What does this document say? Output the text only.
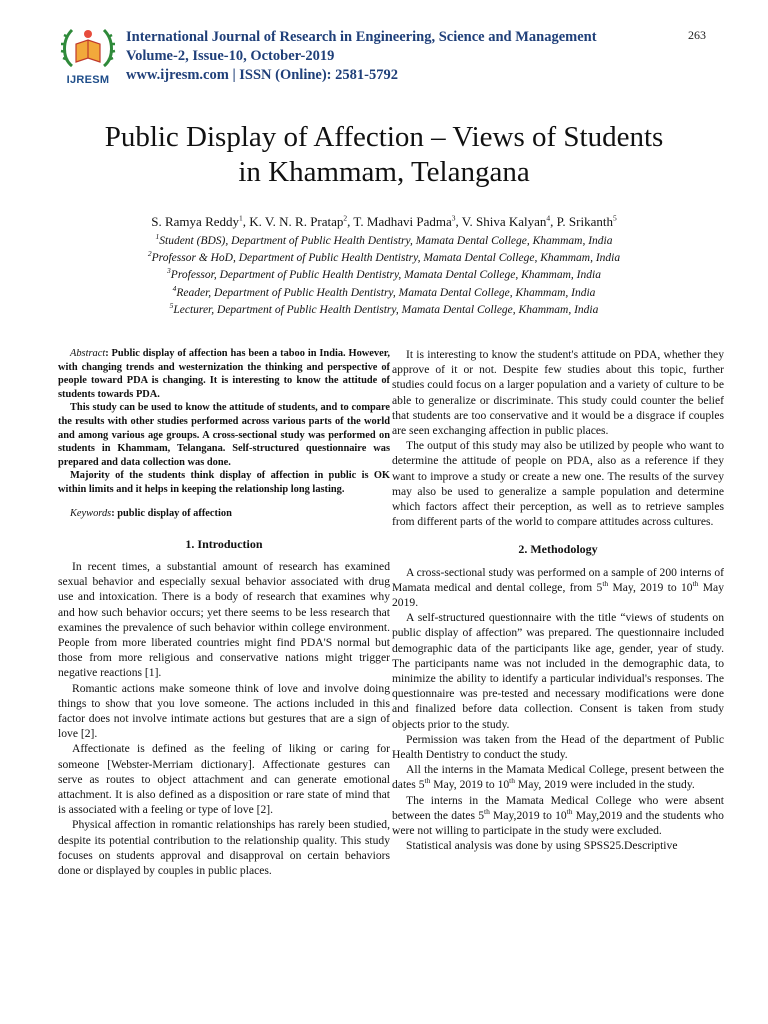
IJRESM
International Journal of Research in Engineering, Science and Management
Volume-2, Issue-10, October-2019
www.ijresm.com | ISSN (Online): 2581-5792
263
Public Display of Affection – Views of Students
in Khammam, Telangana
S. Ramya Reddy$^1$, K. V. N. R. Pratap$^2$, T. Madhavi Padma$^3$, V. Shiva Kalyan$^4$, P. Srikanth$^5$
$^1$Student (BDS), Department of Public Health Dentistry, Mamata Dental College, Khammam, India
$^2$Professor & HoD, Department of Public Health Dentistry, Mamata Dental College, Khammam, India
$^3$Professor, Department of Public Health Dentistry, Mamata Dental College, Khammam, India
$^4$Reader, Department of Public Health Dentistry, Mamata Dental College, Khammam, India
$^5$Lecturer, Department of Public Health Dentistry, Mamata Dental College, Khammam, India

Abstract: Public display of affection has been a taboo in India. However, with changing trends and westernization the thinking and perspective of people toward PDA is changing. It is interesting to know the attitude of students towards PDA.

This study can be used to know the attitude of students, and to compare the results with other studies performed across various parts of the world and among various age groups. A cross-sectional study was performed on students in Khammam, Telangana. Self-structured questionnaire was prepared and data collection was done.

Majority of the students think display of affection in public is OK within limits and it helps in keeping the relationship long lasting.

Keywords: public display of affection
1. Introduction

In recent times, a substantial amount of research has examined sexual behavior and especially sexual behavior associated with drug use and intoxication. There is a body of research that examines why and how such behavior occurs; yet there seems to be less research that examines the prevalence of such behavior within college environment. People from more liberated countries might find PDA'S normal but those from more religious and conservative nations might trigger negative reactions [1].

Romantic actions make someone think of love and involve doing things to show that you love someone. The actions included in this factor does not involve intimate actions but gestures that are a sign of love [2].

Affectionate is defined as the feeling of liking or caring for someone [Webster-Merriam dictionary]. Affectionate gestures can serve as routes to object attachment and can generate emotional attachment. It is also defined as a disposition or rare state of mind that is associated with a feeling or type of love [2].

Physical affection in romantic relationships has rarely been studied, despite its potential contribution to the relationship quality. This study focuses on students approval and disapproval on certain behaviors done or displayed by couples in public places.

It is interesting to know the student's attitude on PDA, whether they approve of it or not. Despite few studies about this topic, further studies could focus on a larger population and a variety of culture to be able to generalize or discriminate. This study could counter the belief that students are too conservative and it would be a disgrace if couples are seen exchanging affection in public places.

The output of this study may also be utilized by people who want to determine the attitude of people on PDA, also as a reference if they want to improve a study or create a new one. The results of the survey may also be used to generalize a sample population and determine which factors affect their perception, as well as to retrieve samples from different parts of the world to compare attitudes across cultures.

2. Methodology

A cross-sectional study was performed on a sample of 200 interns of Mamata medical and dental college, from 5th May, 2019 to 10th May 2019.

A self-structured questionnaire with the title “views of students on public display of affection” was prepared. The questionnaire included demographic data of the participants like age, gender, year of study. The participants name was not included in the demographic data, to minimize the ability to identify a particular individual's responses. The questionnaire was pre-tested and necessary modifications were done and finalized before data collection. Consent is taken from study objects prior to the study.

Permission was taken from the Head of the department of Public Health Dentistry to conduct the study.

All the interns in the Mamata Medical College, present between the dates 5th May, 2019 to 10th May, 2019 were included in the study.

The interns in the Mamata Medical College who were absent between the dates 5th May,2019 to 10th May,2019 and the students who were not willing to participate in the study were excluded.

Statistical analysis was done by using SPSS25.Descriptive
